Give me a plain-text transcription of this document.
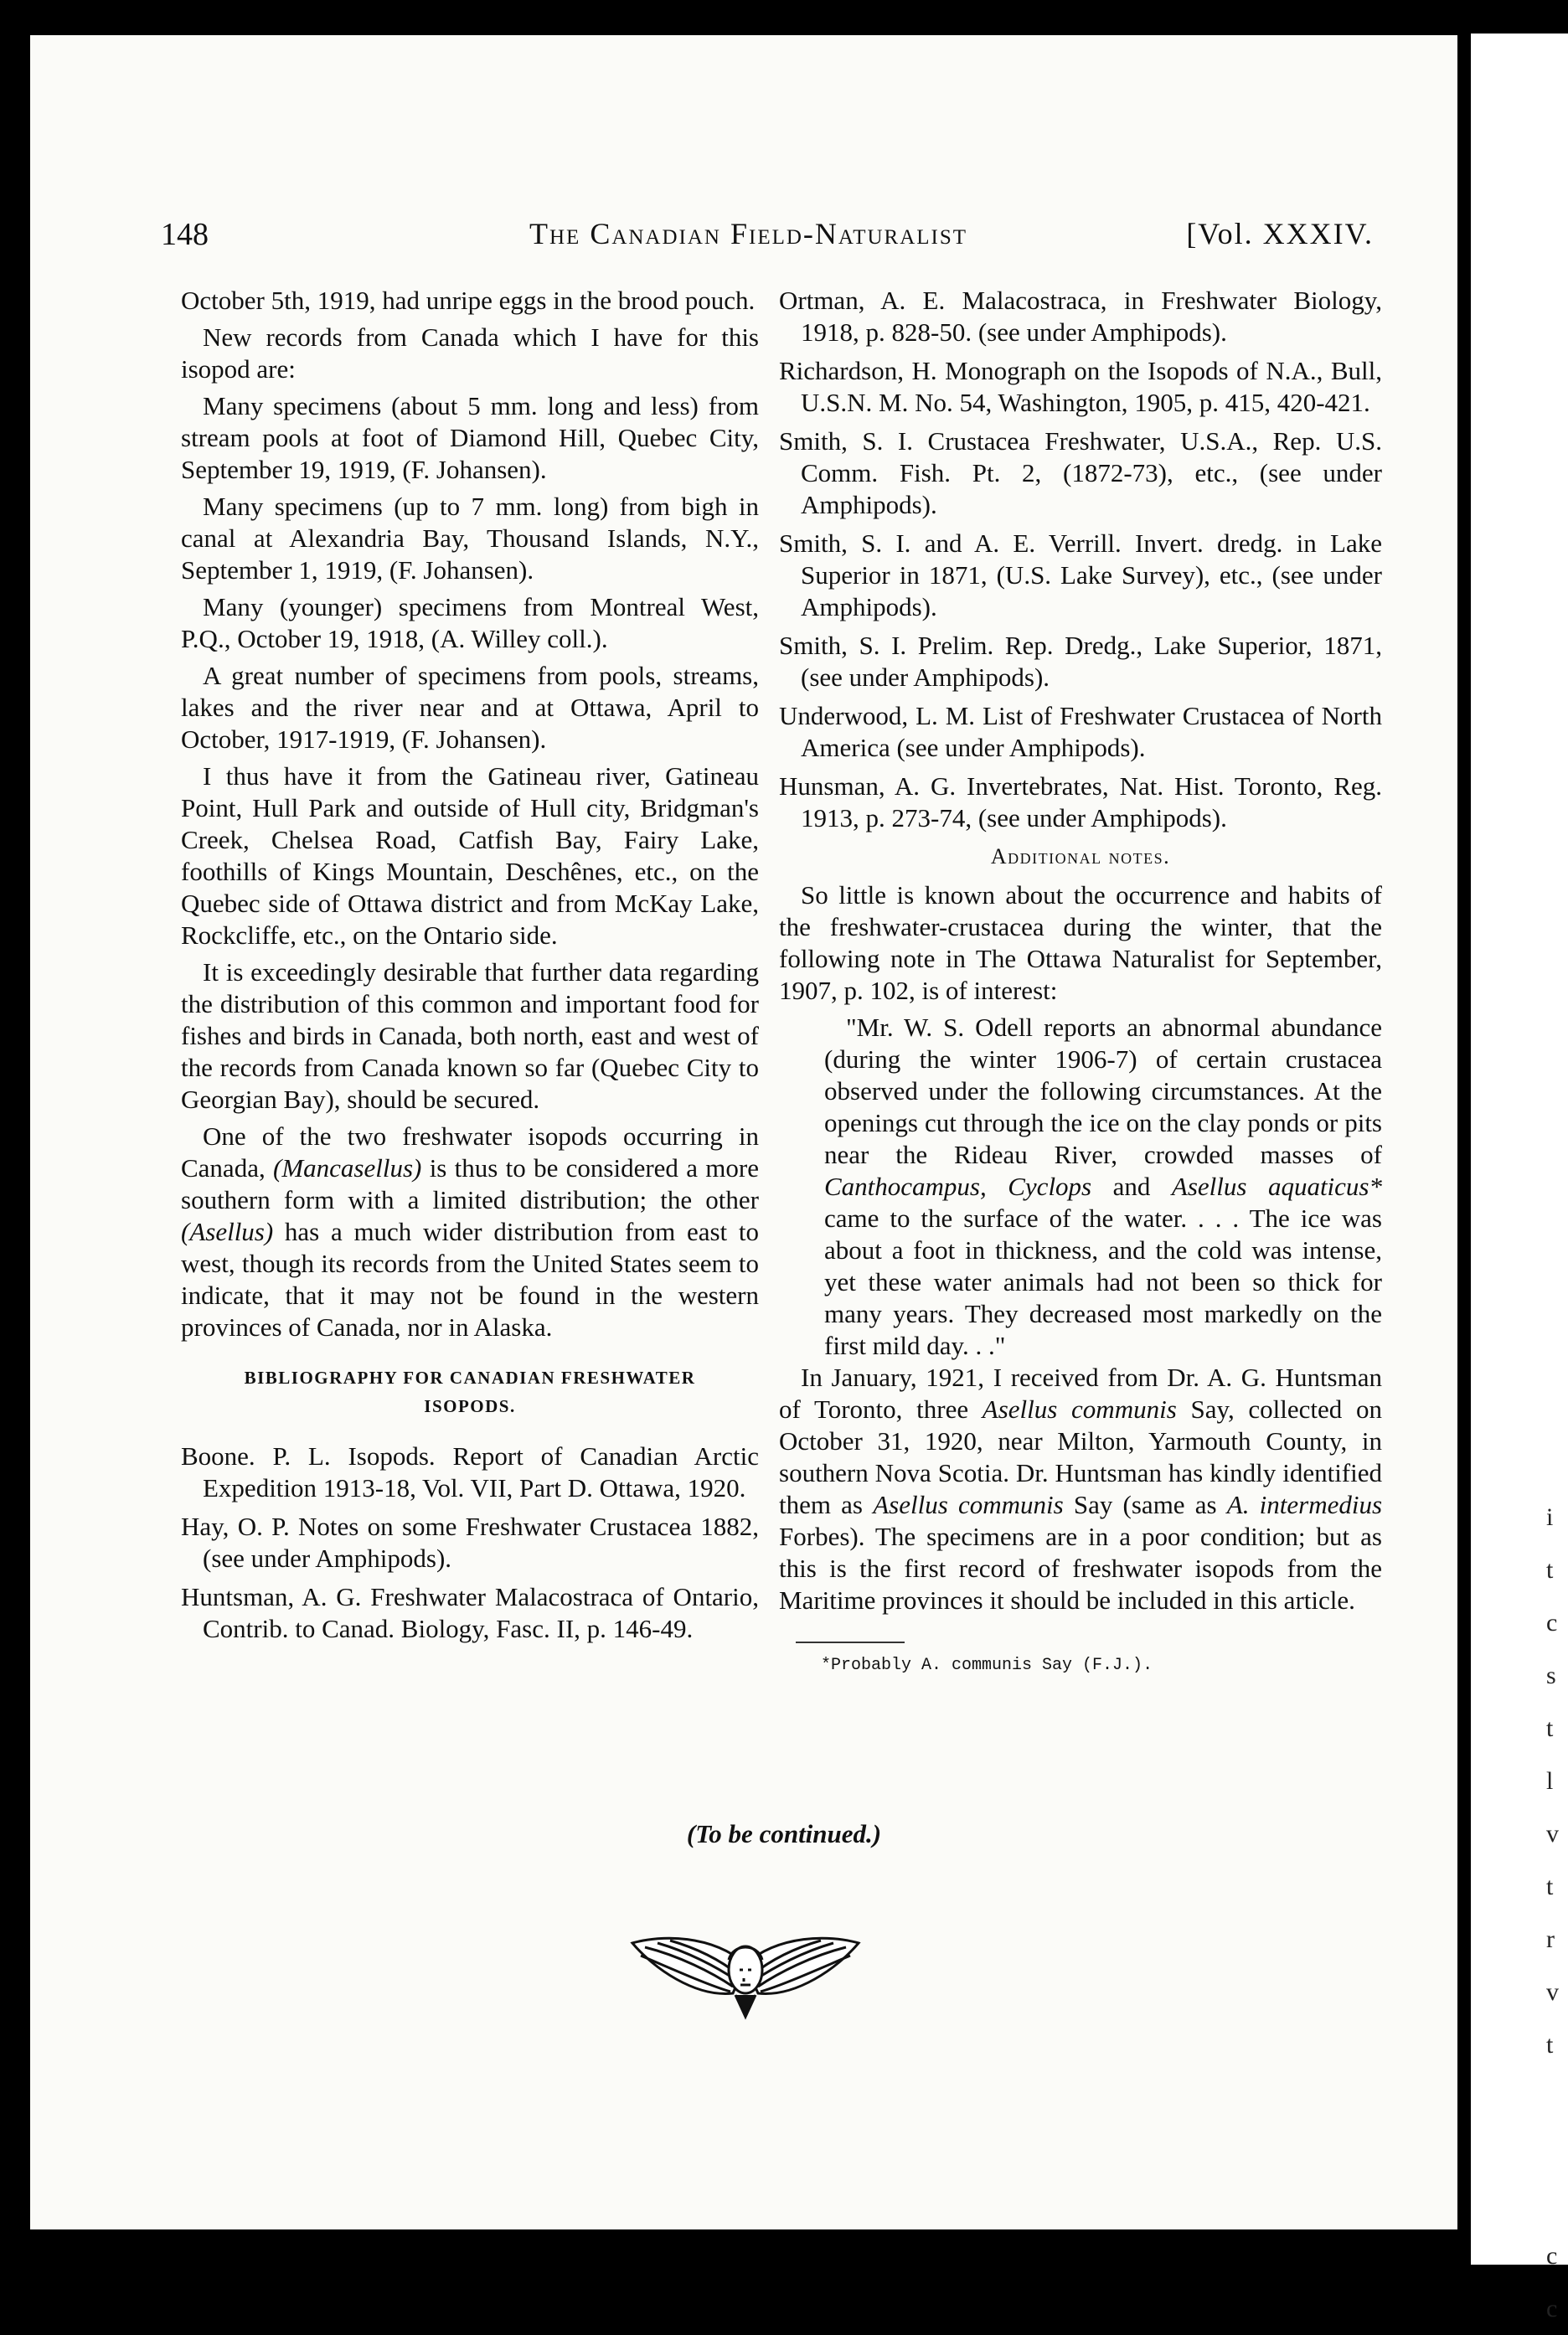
i
t
c
s
t
l
v
t
r
v
t

c
c
148	The Canadian Field-Naturalist	[Vol. XXXIV.

October 5th, 1919, had unripe eggs in the brood pouch.

New records from Canada which I have for this isopod are:

Many specimens (about 5 mm. long and less) from stream pools at foot of Diamond Hill, Quebec City, September 19, 1919, (F. Johansen).

Many specimens (up to 7 mm. long) from bigh in canal at Alexandria Bay, Thousand Islands, N.Y., September 1, 1919, (F. Johansen).

Many (younger) specimens from Montreal West, P.Q., October 19, 1918, (A. Willey coll.).

A great number of specimens from pools, streams, lakes and the river near and at Ottawa, April to October, 1917-1919, (F. Johansen).

I thus have it from the Gatineau river, Gatineau Point, Hull Park and outside of Hull city, Bridgman's Creek, Chelsea Road, Catfish Bay, Fairy Lake, foothills of Kings Mountain, Deschênes, etc., on the Quebec side of Ottawa district and from McKay Lake, Rockcliffe, etc., on the Ontario side.

It is exceedingly desirable that further data regarding the distribution of this common and important food for fishes and birds in Canada, both north, east and west of the records from Canada known so far (Quebec City to Georgian Bay), should be secured.

One of the two freshwater isopods occurring in Canada, (Mancasellus) is thus to be considered a more southern form with a limited distribution; the other (Asellus) has a much wider distribution from east to west, though its records from the United States seem to indicate, that it may not be found in the western provinces of Canada, nor in Alaska.

BIBLIOGRAPHY FOR CANADIAN FRESHWATER ISOPODS.

Boone. P. L. Isopods. Report of Canadian Arctic Expedition 1913-18, Vol. VII, Part D. Ottawa, 1920.

Hay, O. P. Notes on some Freshwater Crustacea 1882, (see under Amphipods).

Huntsman, A. G. Freshwater Malacostraca of Ontario, Contrib. to Canad. Biology, Fasc. II, p. 146-49.

Ortman, A. E. Malacostraca, in Freshwater Biology, 1918, p. 828-50. (see under Amphipods).

Richardson, H. Monograph on the Isopods of N.A., Bull, U.S.N. M. No. 54, Washington, 1905, p. 415, 420-421.

Smith, S. I. Crustacea Freshwater, U.S.A., Rep. U.S. Comm. Fish. Pt. 2, (1872-73), etc., (see under Amphipods).

Smith, S. I. and A. E. Verrill. Invert. dredg. in Lake Superior in 1871, (U.S. Lake Survey), etc., (see under Amphipods).

Smith, S. I. Prelim. Rep. Dredg., Lake Superior, 1871, (see under Amphipods).

Underwood, L. M. List of Freshwater Crustacea of North America (see under Amphipods).

Hunsman, A. G. Invertebrates, Nat. Hist. Toronto, Reg. 1913, p. 273-74, (see under Amphipods).

Additional notes.

So little is known about the occurrence and habits of the freshwater-crustacea during the winter, that the following note in The Ottawa Naturalist for September, 1907, p. 102, is of interest:

"Mr. W. S. Odell reports an abnormal abundance (during the winter 1906-7) of certain crustacea observed under the following circumstances. At the openings cut through the ice on the clay ponds or pits near the Rideau River, crowded masses of Canthocampus, Cyclops and Asellus aquaticus* came to the surface of the water. . . . The ice was about a foot in thickness, and the cold was intense, yet these water animals had not been so thick for many years. They decreased most markedly on the first mild day. . ."

In January, 1921, I received from Dr. A. G. Huntsman of Toronto, three Asellus communis Say, collected on October 31, 1920, near Milton, Yarmouth County, in southern Nova Scotia. Dr. Huntsman has kindly identified them as Asellus communis Say (same as A. intermedius Forbes). The specimens are in a poor condition; but as this is the first record of freshwater isopods from the Maritime provinces it should be included in this article.

*Probably A. communis Say (F.J.).
(To be continued.)
